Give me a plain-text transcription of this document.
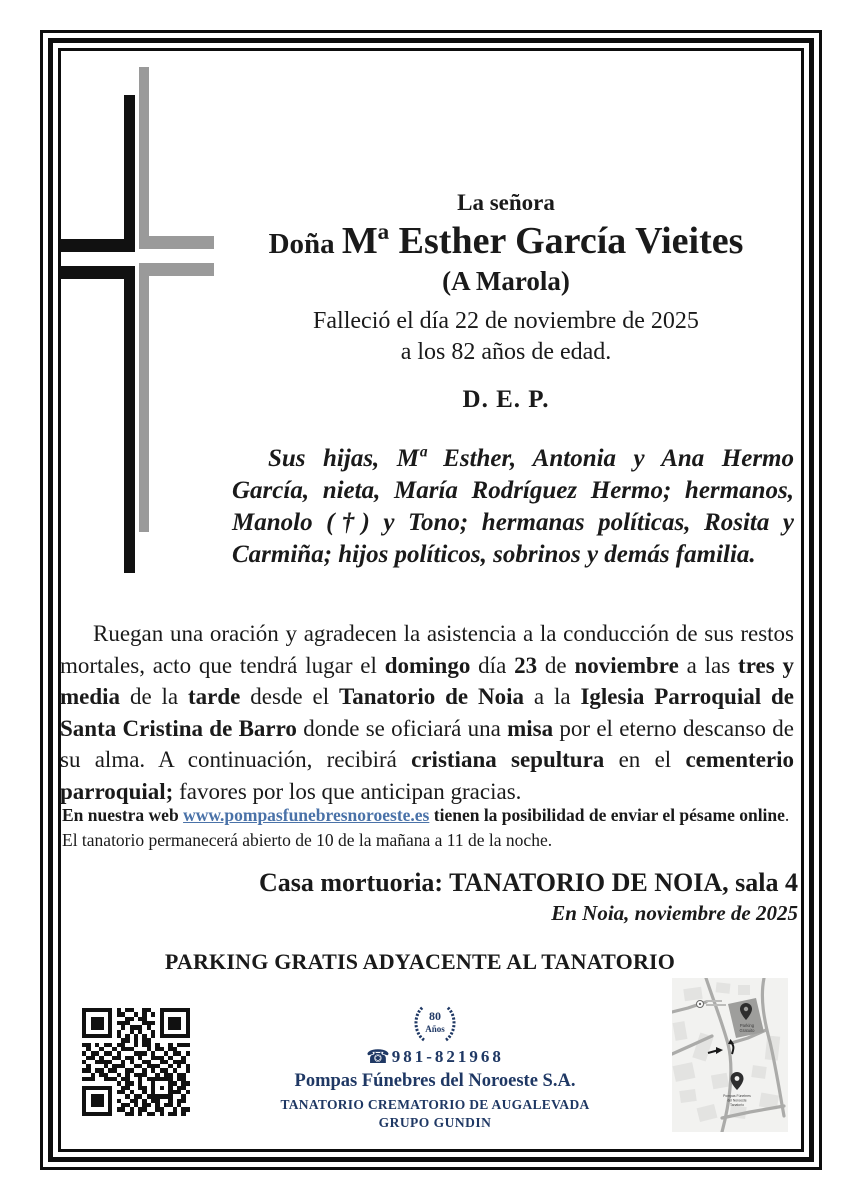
La señora
Doña Mª Esther García Vieites
(A Marola)
Falleció el día 22 de noviembre de 2025
a los 82 años de edad.
D. E. P.

Sus hijas, Mª Esther, Antonia y Ana Hermo García, nieta, María Rodríguez Hermo; hermanos, Manolo (†) y Tono; hermanas políticas, Rosita y Carmiña; hijos políticos, sobrinos y demás familia.

Ruegan una oración y agradecen la asistencia a la conducción de sus restos mortales, acto que tendrá lugar el domingo día 23 de noviembre a las tres y media de la tarde desde el Tanatorio de Noia a la Iglesia Parroquial de Santa Cristina de Barro donde se oficiará una misa por el eterno descanso de su alma. A continuación, recibirá cristiana sepultura en el cementerio parroquial; favores por los que anticipan gracias.

En nuestra web www.pompasfunebresnoroeste.es tienen la posibilidad de enviar el pésame online.
El tanatorio permanecerá abierto de 10 de la mañana a 11 de la noche.
Casa mortuoria: TANATORIO DE NOIA, sala 4
En Noia, noviembre de 2025
PARKING GRATIS ADYACENTE AL TANATORIO
80
Años
☎ 981-821968
Pompas Fúnebres del Noroeste S.A.
TANATORIO CREMATORIO DE AUGALEVADA
GRUPO GUNDIN
Parking
Gratuito
Pompas Fúnebres
del Noroeste
Tanatorio
